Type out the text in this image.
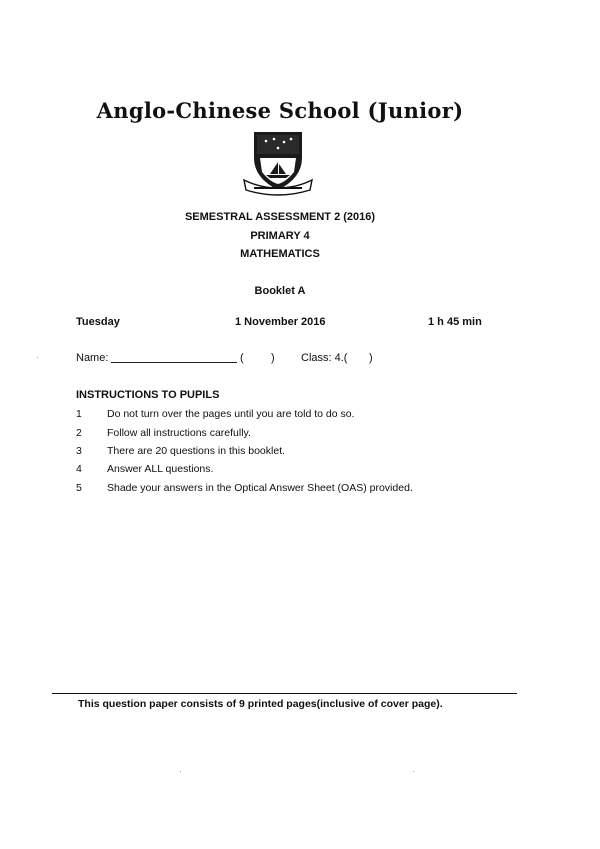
Anglo-Chinese School (Junior)
SEMESTRAL ASSESSMENT 2 (2016)
PRIMARY 4
MATHEMATICS
Booklet A
Tuesday	1 November 2016	1 h 45 min
Name:	( ) Class: 4.( )
INSTRUCTIONS TO PUPILS
1 Do not turn over the pages until you are told to do so.
2 Follow all instructions carefully.
3 There are 20 questions in this booklet.
4 Answer ALL questions.
5 Shade your answers in the Optical Answer Sheet (OAS) provided.
This question paper consists of 9 printed pages(inclusive of cover page).
